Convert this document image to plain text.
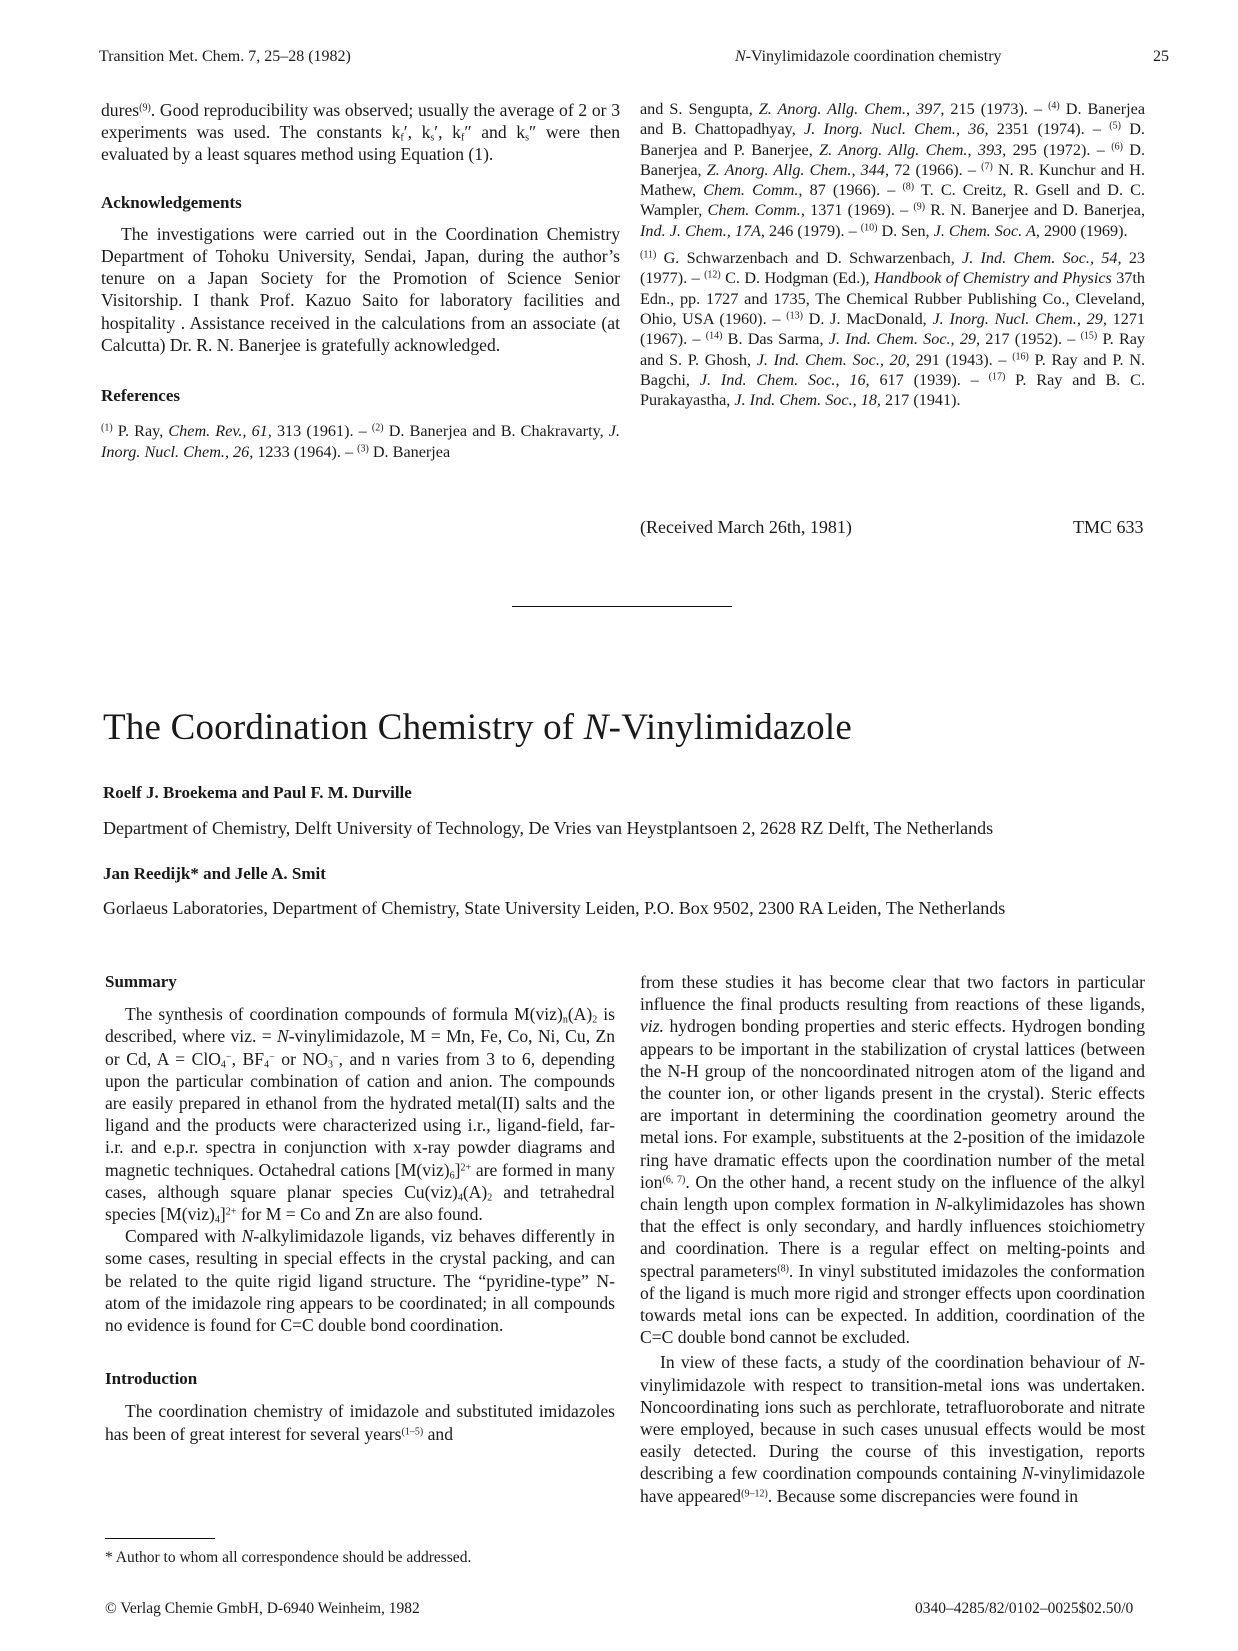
Transition Met. Chem. 7, 25–28 (1982)	N-Vinylimidazole coordination chemistry	25

dures$^{(9)}$. Good reproducibility was observed; usually the average of 2 or 3 experiments was used. The constants $k_f'$, $k_s'$, $k_f''$ and $k_s''$ were then evaluated by a least squares method using Equation (1).

Acknowledgements

The investigations were carried out in the Coordination Chemistry Department of Tohoku University, Sendai, Japan, during the author’s tenure on a Japan Society for the Promotion of Science Senior Visitorship. I thank Prof. Kazuo Saito for laboratory facilities and hospitality . Assistance received in the calculations from an associate (at Calcutta) Dr. R. N. Banerjee is gratefully acknowledged.

References

$^{(1)}$ P. Ray, Chem. Rev., 61, 313 (1961). – $^{(2)}$ D. Banerjea and B. Chakravarty, J. Inorg. Nucl. Chem., 26, 1233 (1964). – $^{(3)}$ D. Banerjea

and S. Sengupta, Z. Anorg. Allg. Chem., 397, 215 (1973). – $^{(4)}$ D. Banerjea and B. Chattopadhyay, J. Inorg. Nucl. Chem., 36, 2351 (1974). – $^{(5)}$ D. Banerjea and P. Banerjee, Z. Anorg. Allg. Chem., 393, 295 (1972). – $^{(6)}$ D. Banerjea, Z. Anorg. Allg. Chem., 344, 72 (1966). – $^{(7)}$ N. R. Kunchur and H. Mathew, Chem. Comm., 87 (1966). – $^{(8)}$ T. C. Creitz, R. Gsell and D. C. Wampler, Chem. Comm., 1371 (1969). – $^{(9)}$ R. N. Banerjee and D. Banerjea, Ind. J. Chem., 17A, 246 (1979). – $^{(10)}$ D. Sen, J. Chem. Soc. A, 2900 (1969).

$^{(11)}$ G. Schwarzenbach and D. Schwarzenbach, J. Ind. Chem. Soc., 54, 23 (1977). – $^{(12)}$ C. D. Hodgman (Ed.), Handbook of Chemistry and Physics 37th Edn., pp. 1727 and 1735, The Chemical Rubber Publishing Co., Cleveland, Ohio, USA (1960). – $^{(13)}$ D. J. MacDonald, J. Inorg. Nucl. Chem., 29, 1271 (1967). – $^{(14)}$ B. Das Sarma, J. Ind. Chem. Soc., 29, 217 (1952). – $^{(15)}$ P. Ray and S. P. Ghosh, J. Ind. Chem. Soc., 20, 291 (1943). – $^{(16)}$ P. Ray and P. N. Bagchi, J. Ind. Chem. Soc., 16, 617 (1939). – $^{(17)}$ P. Ray and B. C. Purakayastha, J. Ind. Chem. Soc., 18, 217 (1941).

(Received March 26th, 1981)	TMC 633
The Coordination Chemistry of N-Vinylimidazole
Roelf J. Broekema and Paul F. M. Durville
Department of Chemistry, Delft University of Technology, De Vries van Heystplantsoen 2, 2628 RZ Delft, The Netherlands
Jan Reedijk* and Jelle A. Smit
Gorlaeus Laboratories, Department of Chemistry, State University Leiden, P.O. Box 9502, 2300 RA Leiden, The Netherlands

Summary

The synthesis of coordination compounds of formula $M(viz)_n(A)_2$ is described, where viz. = N-vinylimidazole, M = Mn, Fe, Co, Ni, Cu, Zn or Cd, A = ClO$_4$−, $BF_4^-$ or $NO_3^-$, and n varies from 3 to 6, depending upon the particular combination of cation and anion. The compounds are easily prepared in ethanol from the hydrated metal(II) salts and the ligand and the products were characterized using i.r., ligand-field, far-i.r. and e.p.r. spectra in conjunction with x-ray powder diagrams and magnetic techniques. Octahedral cations $[M(viz)_6]^{2+}$ are formed in many cases, although square planar species $Cu(viz)_4(A)_2$ and tetrahedral species $[M(viz)_4]^{2+}$ for M = Co and Zn are also found.

Compared with N-alkylimidazole ligands, viz behaves differently in some cases, resulting in special effects in the crystal packing, and can be related to the quite rigid ligand structure. The “pyridine-type” N-atom of the imidazole ring appears to be coordinated; in all compounds no evidence is found for C=C double bond coordination.

Introduction

The coordination chemistry of imidazole and substituted imidazoles has been of great interest for several years$^{(1-5)}$ and

from these studies it has become clear that two factors in particular influence the final products resulting from reactions of these ligands, viz. hydrogen bonding properties and steric effects. Hydrogen bonding appears to be important in the stabilization of crystal lattices (between the N-H group of the noncoordinated nitrogen atom of the ligand and the counter ion, or other ligands present in the crystal). Steric effects are important in determining the coordination geometry around the metal ions. For example, substituents at the 2-position of the imidazole ring have dramatic effects upon the coordination number of the metal ion$^{(6, 7)}$. On the other hand, a recent study on the influence of the alkyl chain length upon complex formation in N-alkylimidazoles has shown that the effect is only secondary, and hardly influences stoichiometry and coordination. There is a regular effect on melting-points and spectral parameters$^{(8)}$. In vinyl substituted imidazoles the conformation of the ligand is much more rigid and stronger effects upon coordination towards metal ions can be expected. In addition, coordination of the C=C double bond cannot be excluded.

In view of these facts, a study of the coordination behaviour of N-vinylimidazole with respect to transition-metal ions was undertaken. Noncoordinating ions such as perchlorate, tetrafluoroborate and nitrate were employed, because in such cases unusual effects would be most easily detected. During the course of this investigation, reports describing a few coordination compounds containing N-vinylimidazole have appeared$^{(9-12)}$. Because some discrepancies were found in

* Author to whom all correspondence should be addressed.
© Verlag Chemie GmbH, D-6940 Weinheim, 1982	0340–4285/82/0102–0025$02.50/0
